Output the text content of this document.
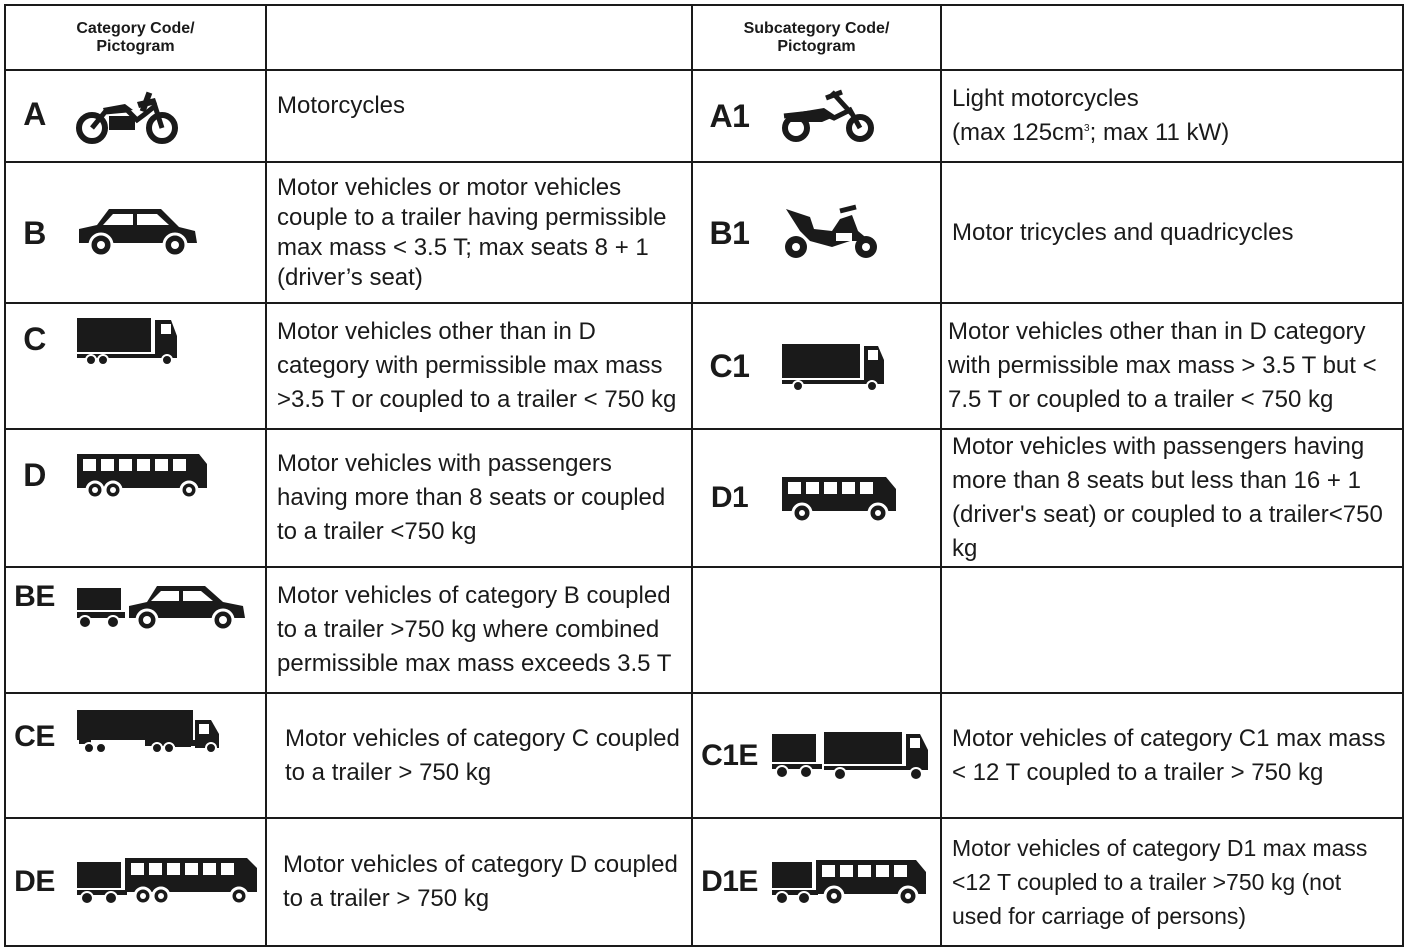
Category Code/ Pictogram			Subcategory Code/ Pictogram		

A		Motorcycles	A1		Light motorcycles
(max $125cm^3$; max 11 kW)
B		Motor vehicles or motor vehicles couple to a trailer having permissible max mass < 3.5 T; max seats 8 + 1 (driver’s seat)	B1		Motor tricycles and quadricycles
C		Motor vehicles other than in D category with permissible max mass >3.5 T or coupled to a trailer < 750 kg	C1		Motor vehicles other than in D category with permissible max mass > 3.5 T but < 7.5 T or coupled to a trailer < 750 kg
D		Motor vehicles with passengers having more than 8 seats or coupled to a trailer <750 kg	D1		Motor vehicles with passengers having more than 8 seats but less than 16 + 1 (driver's seat) or coupled to a trailer<750 kg
BE		Motor vehicles of category B coupled to a trailer >750 kg where combined permissible max mass exceeds 3.5 T			
CE		Motor vehicles of category C coupled to a trailer > 750 kg	C1E		Motor vehicles of category C1 max mass < 12 T coupled to a trailer > 750 kg
DE		Motor vehicles of category D coupled to a trailer > 750 kg	D1E		Motor vehicles of category D1 max mass <12 T coupled to a trailer >750 kg (not used for carriage of persons)
